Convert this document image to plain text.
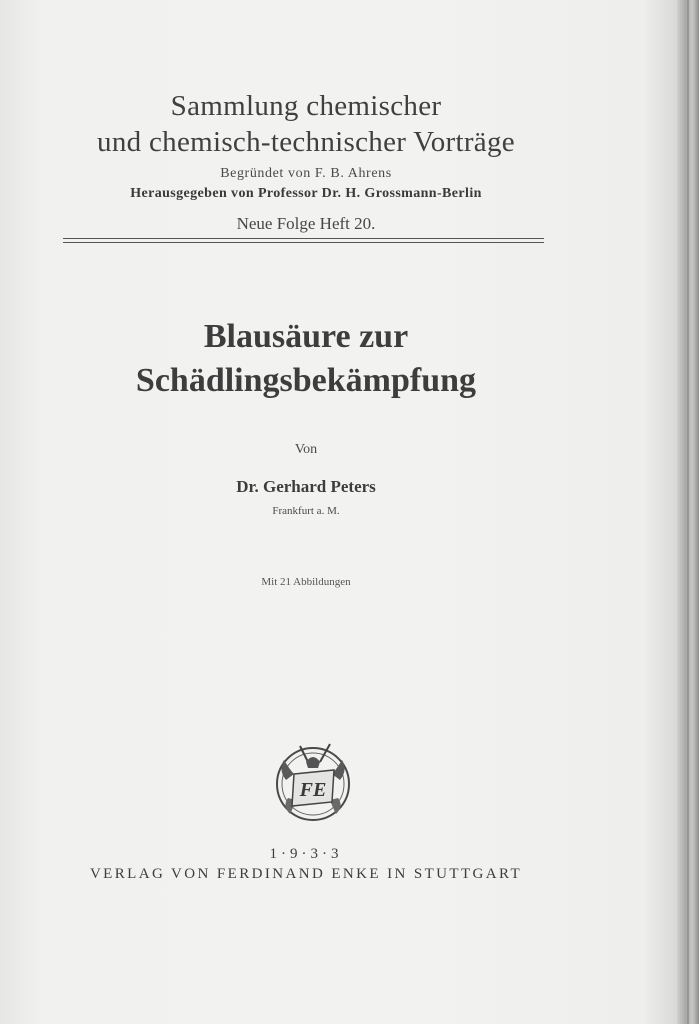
Sammlung chemischer
und chemisch-technischer Vorträge
Begründet von F. B. Ahrens
Herausgegeben von Professor Dr. H. Grossmann-Berlin
Neue Folge Heft 20.
Blausäure zur
Schädlingsbekämpfung
Von
Dr. Gerhard Peters
Frankfurt a. M.
Mit 21 Abbildungen
FE
1·9·3·3
VERLAG VON FERDINAND ENKE IN STUTTGART
